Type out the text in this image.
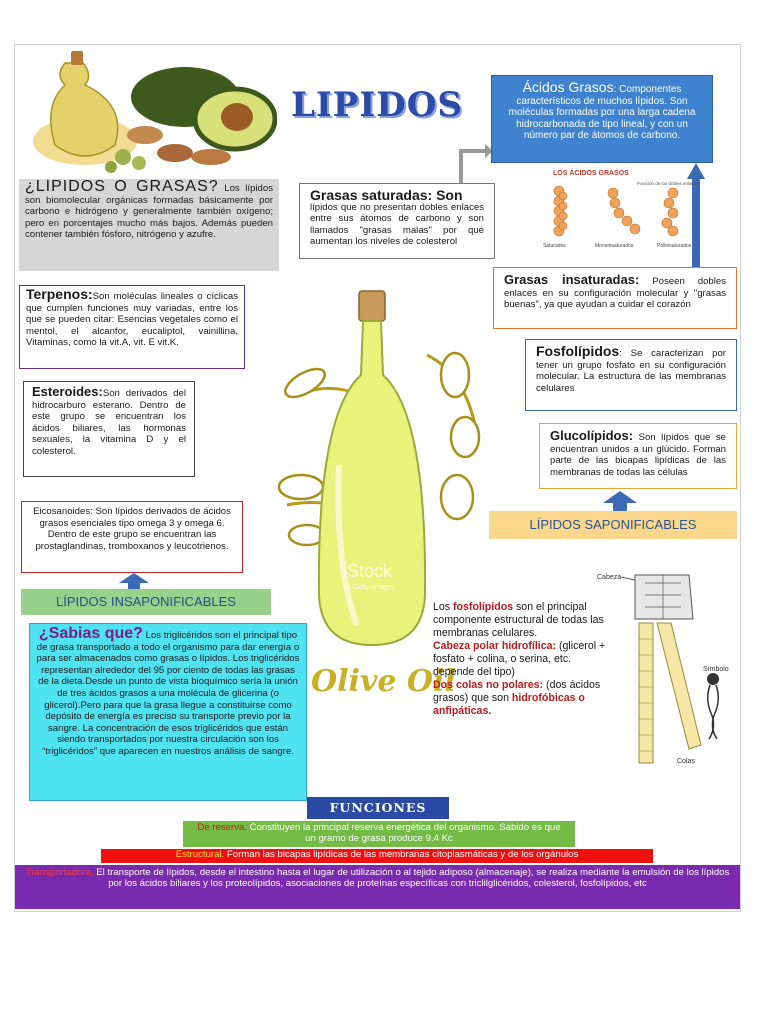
LIPIDOS	Ácidos Grasos: Componentes característicos de muchos lípidos. Son moléculas formadas por una larga cadena hidrocarbonada de tipo lineal, y con un número par de átomos de carbono.
LOS ÁCIDOS GRASOS
Posición de los dobles enlaces
Saturados	Monoinsaturados	Poliinsaturados
¿LÍPIDOS O GRASAS? Los lípidos son biomolecular orgánicas formadas básicamente por carbono e hidrógeno y generalmente también oxígeno; pero en porcentajes mucho más bajos. Además pueden contener también fósforo, nitrógeno y azufre.
Grasas saturadas: Son
lípidos que no presentan dobles enlaces entre sus átomos de carbono y son llamados "grasas malas" por qué aumentan los niveles de colesterol
Grasas insaturadas: Poseen dobles enlaces en su configuración molecular y "grasas buenas", ya que ayudan a cuidar el corazón
Fosfolípidos: Se caracterizan por tener un grupo fosfato en su configuración molecular. La estructura de las membranas celulares
Glucolípidos: Son lípidos que se encuentran unidos a un glúcido. Forman parte de las bicapas lipídicas de las membranas de todas las células
LÍPIDOS SAPONIFICABLES
iStock
by Getty Images
Olive Oil
Terpenos:Son moléculas lineales o cíclicas que cumplen funciones muy variadas, entre los que se pueden citar: Esencias vegetales como el mentol, el alcanfor, eucaliptol, vainillina, Vitaminas, como la vit.A, vit. E vit.K.
Esteroides:Son derivados del hidrocarburo esterano. Dentro de este grupo se encuentran los ácidos biliares, las hormonas sexuales, la vitamina D y el colesterol.
Eicosanoides: Son lípidos derivados de ácidos grasos esenciales tipo omega 3 y omega 6. Dentro de este grupo se encuentran las prostaglandinas, tromboxanos y leucotrienos.
LÍPIDOS INSAPONIFICABLES
¿Sabias que? Los triglicéridos son el principal tipo de grasa transportado a todo el organismo para dar energía o para ser almacenados como grasas o lípidos. Los triglicéridos representan alrededor del 95 por ciento de todas las grasas de la dieta.Desde un punto de vista bioquímico sería la unión de tres ácidos grasos a una molécula de glicerina (o glicerol).Pero para que la grasa llegue a constituirse como depósito de energía es preciso su transporte previo por la sangre. La concentración de esos triglicéridos que están siendo transportados por nuestra circulación son los “triglicéridos” que aparecen en nuestros análisis de sangre.
Los fosfolípidos son el principal componente estructural de todas las membranas celulares.
Cabeza polar hidrofílica: (glicerol + fosfato + colina, o serina, etc. depende del tipo)
Dos colas no polares: (dos ácidos grasos) que son hidrofóbicas o anfipáticas.
Cabeza
Símbolo
Colas
FUNCIONES
De reserva. Constituyen la principal reserva energética del organismo. Sabido es que un gramo de grasa produce 9.4 Kc
Estructural. Forman las bicapas lipídicas de las membranas citoplasmáticas y de los orgánulos
Transportadora. El transporte de lípidos, desde el intestino hasta el lugar de utilización o al tejido adiposo (almacenaje), se realiza mediante la emulsión de los lípidos por los ácidos biliares y los proteolípidos, asociaciones de proteínas específicas con triclilglicéridos, colesterol, fosfolípidos, etc
